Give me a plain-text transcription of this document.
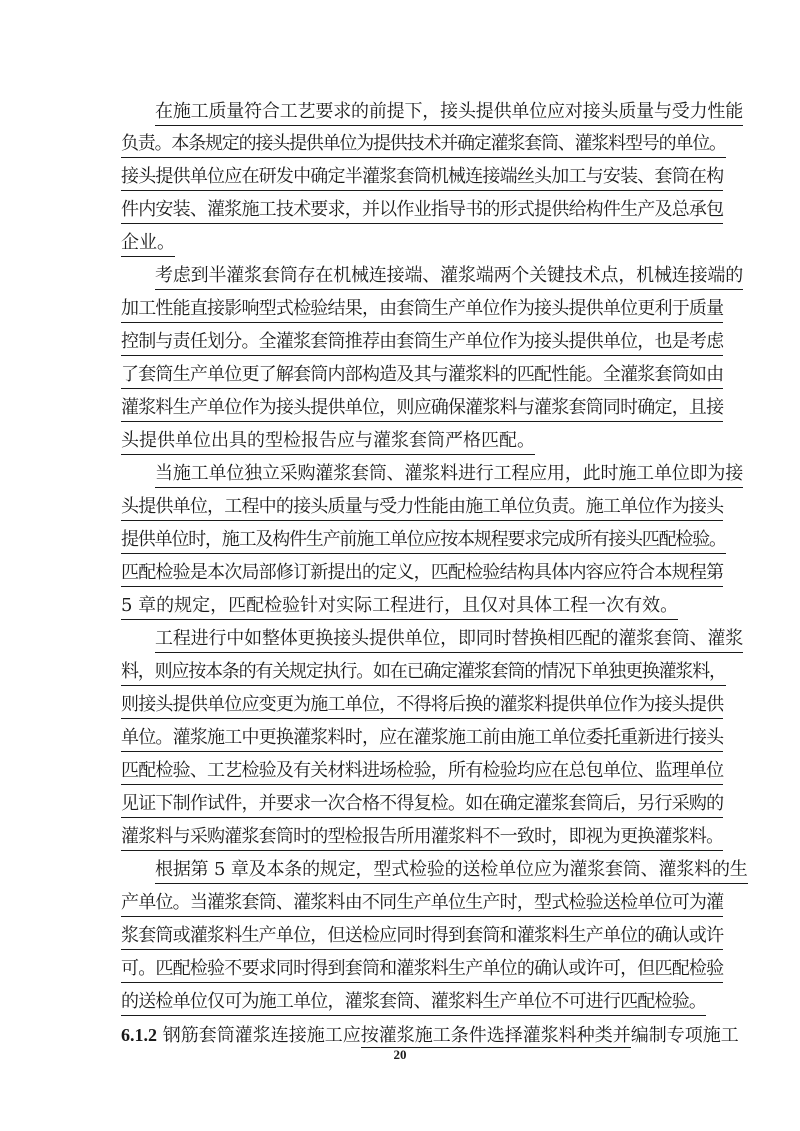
在施工质量符合工艺要求的前提下，接头提供单位应对接头质量与受力性能
负责。本条规定的接头提供单位为提供技术并确定灌浆套筒、灌浆料型号的单位。
接头提供单位应在研发中确定半灌浆套筒机械连接端丝头加工与安装、套筒在构
件内安装、灌浆施工技术要求，并以作业指导书的形式提供给构件生产及总承包
企业。
考虑到半灌浆套筒存在机械连接端、灌浆端两个关键技术点，机械连接端的
加工性能直接影响型式检验结果，由套筒生产单位作为接头提供单位更利于质量
控制与责任划分。全灌浆套筒推荐由套筒生产单位作为接头提供单位，也是考虑
了套筒生产单位更了解套筒内部构造及其与灌浆料的匹配性能。全灌浆套筒如由
灌浆料生产单位作为接头提供单位，则应确保灌浆料与灌浆套筒同时确定，且接
头提供单位出具的型检报告应与灌浆套筒严格匹配。
当施工单位独立采购灌浆套筒、灌浆料进行工程应用，此时施工单位即为接
头提供单位，工程中的接头质量与受力性能由施工单位负责。施工单位作为接头
提供单位时，施工及构件生产前施工单位应按本规程要求完成所有接头匹配检验。
匹配检验是本次局部修订新提出的定义，匹配检验结构具体内容应符合本规程第
5 章的规定，匹配检验针对实际工程进行，且仅对具体工程一次有效。
工程进行中如整体更换接头提供单位，即同时替换相匹配的灌浆套筒、灌浆
料，则应按本条的有关规定执行。如在已确定灌浆套筒的情况下单独更换灌浆料，
则接头提供单位应变更为施工单位，不得将后换的灌浆料提供单位作为接头提供
单位。灌浆施工中更换灌浆料时，应在灌浆施工前由施工单位委托重新进行接头
匹配检验、工艺检验及有关材料进场检验，所有检验均应在总包单位、监理单位
见证下制作试件，并要求一次合格不得复检。如在确定灌浆套筒后，另行采购的
灌浆料与采购灌浆套筒时的型检报告所用灌浆料不一致时，即视为更换灌浆料。
根据第 5 章及本条的规定，型式检验的送检单位应为灌浆套筒、灌浆料的生
产单位。当灌浆套筒、灌浆料由不同生产单位生产时，型式检验送检单位可为灌
浆套筒或灌浆料生产单位，但送检应同时得到套筒和灌浆料生产单位的确认或许
可。匹配检验不要求同时得到套筒和灌浆料生产单位的确认或许可，但匹配检验
的送检单位仅可为施工单位，灌浆套筒、灌浆料生产单位不可进行匹配检验。
6.1.2 钢筋套筒灌浆连接施工应按灌浆施工条件选择灌浆料种类并编制专项施工
20
